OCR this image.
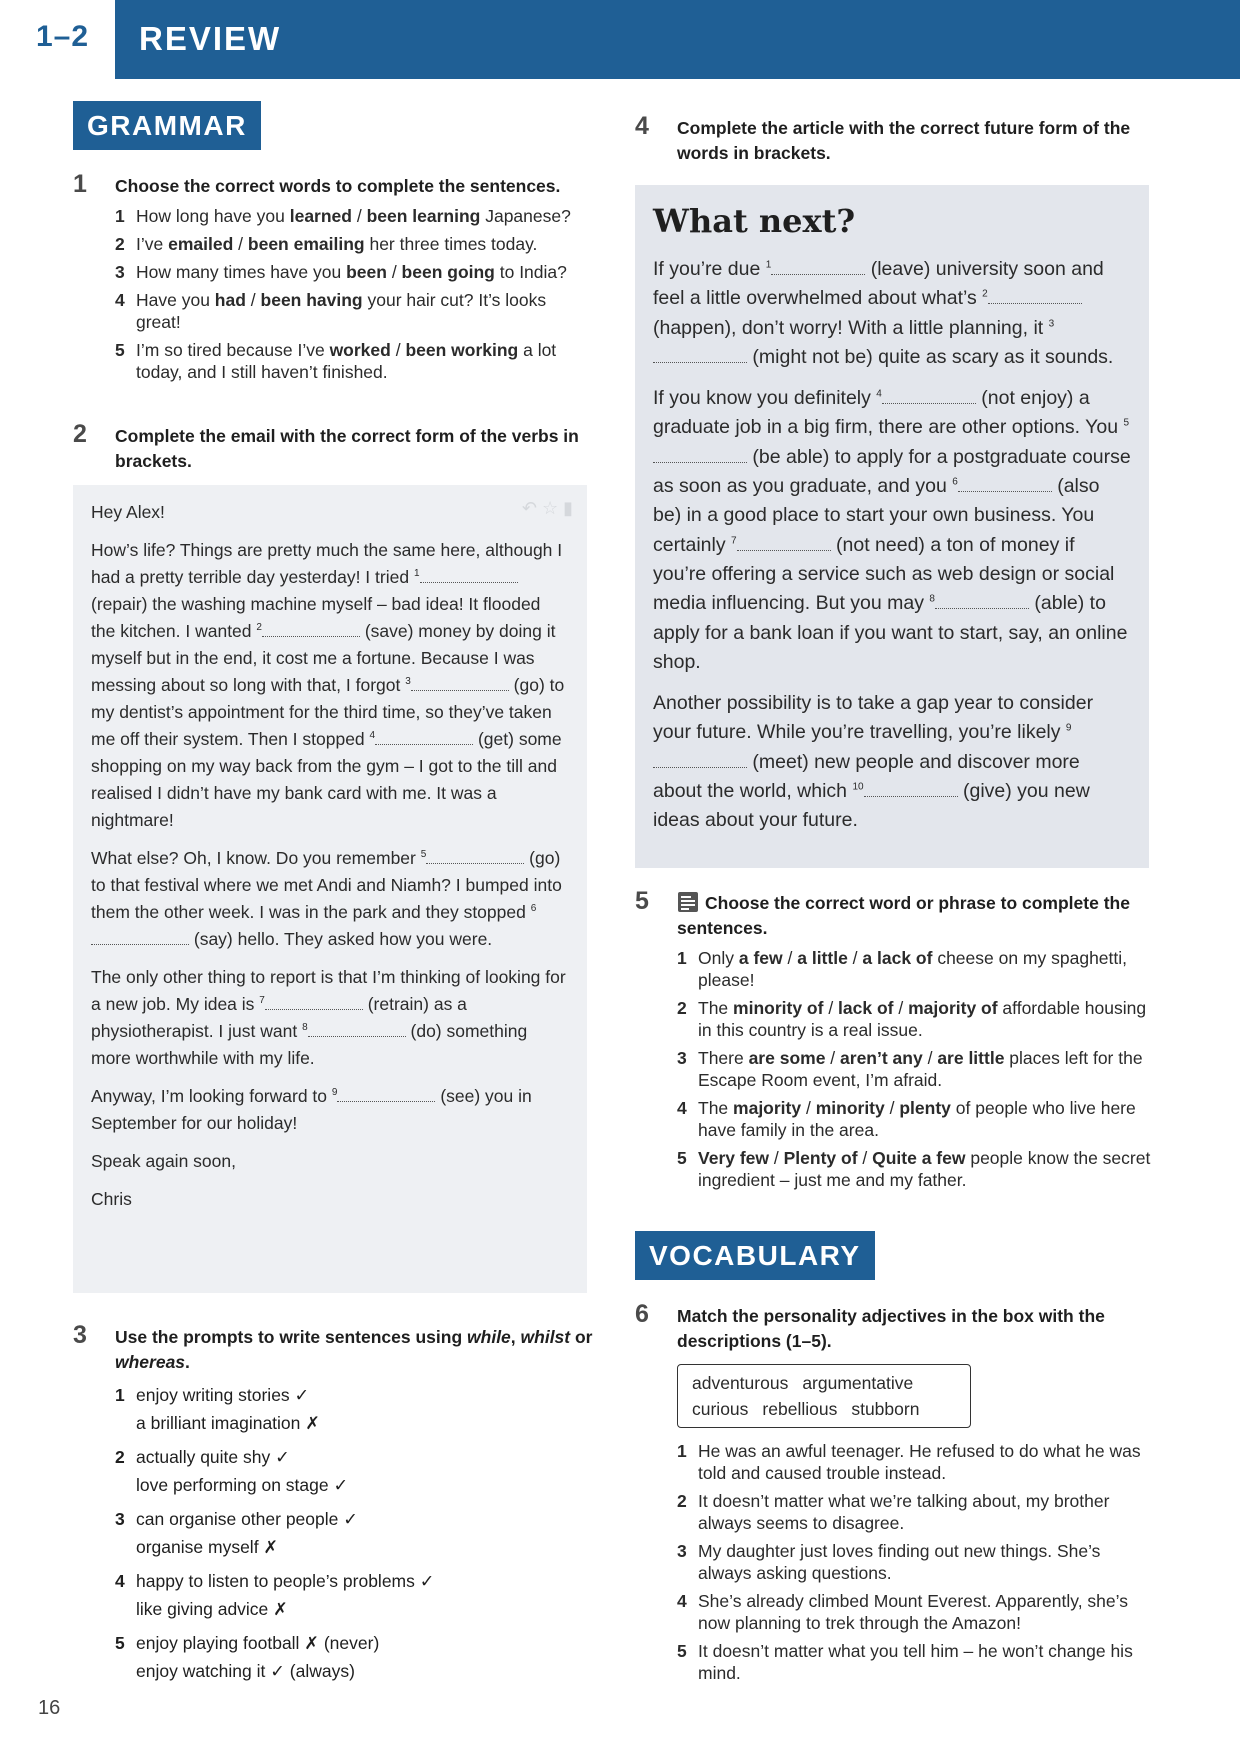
1–2 REVIEW
GRAMMAR
1 Choose the correct words to complete the sentences.
1 How long have you learned / been learning Japanese?
2 I’ve emailed / been emailing her three times today.
3 How many times have you been / been going to India?
4 Have you had / been having your hair cut? It’s looks great!
5 I’m so tired because I’ve worked / been working a lot today, and I still haven’t finished.
2 Complete the email with the correct form of the verbs in brackets.
↶ ☆ ▮

Hey Alex!

How’s life? Things are pretty much the same here, although I had a pretty terrible day yesterday! I tried $^1$ (repair) the washing machine myself – bad idea! It flooded the kitchen. I wanted $^2$	(save) money by doing it myself but in the end, it cost me a fortune. Because I was messing about so long with that, I forgot $^3$	(go) to my dentist’s appointment for the third time, so they’ve taken me off their system. Then I stopped $^4$	(get) some shopping on my way back from the gym – I got to the till and realised I didn’t have my bank card with me. It was a nightmare!

What else? Oh, I know. Do you remember $^5$	(go) to that festival where we met Andi and Niamh? I bumped into them the other week. I was in the park and they stopped $^6$ (say) hello. They asked how you were.

The only other thing to report is that I’m thinking of looking for a new job. My idea is $^7$	(retrain) as a physiotherapist. I just want $^8$	(do) something more worthwhile with my life.

Anyway, I’m looking forward to $^9$	(see) you in September for our holiday!

Speak again soon,

Chris

3 Use the prompts to write sentences using while, whilst or whereas.
1 enjoy writing stories ✓
a brilliant imagination ✗
2 actually quite shy ✓
love performing on stage ✓
3 can organise other people ✓
organise myself ✗
4 happy to listen to people’s problems ✓
like giving advice ✗
5 enjoy playing football ✗ (never)
enjoy watching it ✓ (always)
4 Complete the article with the correct future form of the words in brackets.
What next?

If you’re due $^1$	(leave) university soon and feel a little overwhelmed about what’s $^2$ (happen), don’t worry! With a little planning, it $^3$ (might not be) quite as scary as it sounds.

If you know you definitely $^4$	(not enjoy) a graduate job in a big firm, there are other options. You $^5$ (be able) to apply for a postgraduate course as soon as you graduate, and you $^6$	(also be) in a good place to start your own business. You certainly $^7$	(not need) a ton of money if you’re offering a service such as web design or social media influencing. But you may $^8$	(able) to apply for a bank loan if you want to start, say, an online shop.

Another possibility is to take a gap year to consider your future. While you’re travelling, you’re likely $^9$ (meet) new people and discover more about the world, which $^{10}$	(give) you new ideas about your future.

5	Choose the correct word or phrase to complete the sentences.
1 Only a few / a little / a lack of cheese on my spaghetti, please!
2 The minority of / lack of / majority of affordable housing in this country is a real issue.
3 There are some / aren’t any / are little places left for the Escape Room event, I’m afraid.
4 The majority / minority / plenty of people who live here have family in the area.
5 Very few / Plenty of / Quite a few people know the secret ingredient – just me and my father.
VOCABULARY
6 Match the personality adjectives in the box with the descriptions (1–5).
adventurous argumentative
curious rebellious stubborn
1 He was an awful teenager. He refused to do what he was told and caused trouble instead.
2 It doesn’t matter what we’re talking about, my brother always seems to disagree.
3 My daughter just loves finding out new things. She’s always asking questions.
4 She’s already climbed Mount Everest. Apparently, she’s now planning to trek through the Amazon!
5 It doesn’t matter what you tell him – he won’t change his mind.
16
